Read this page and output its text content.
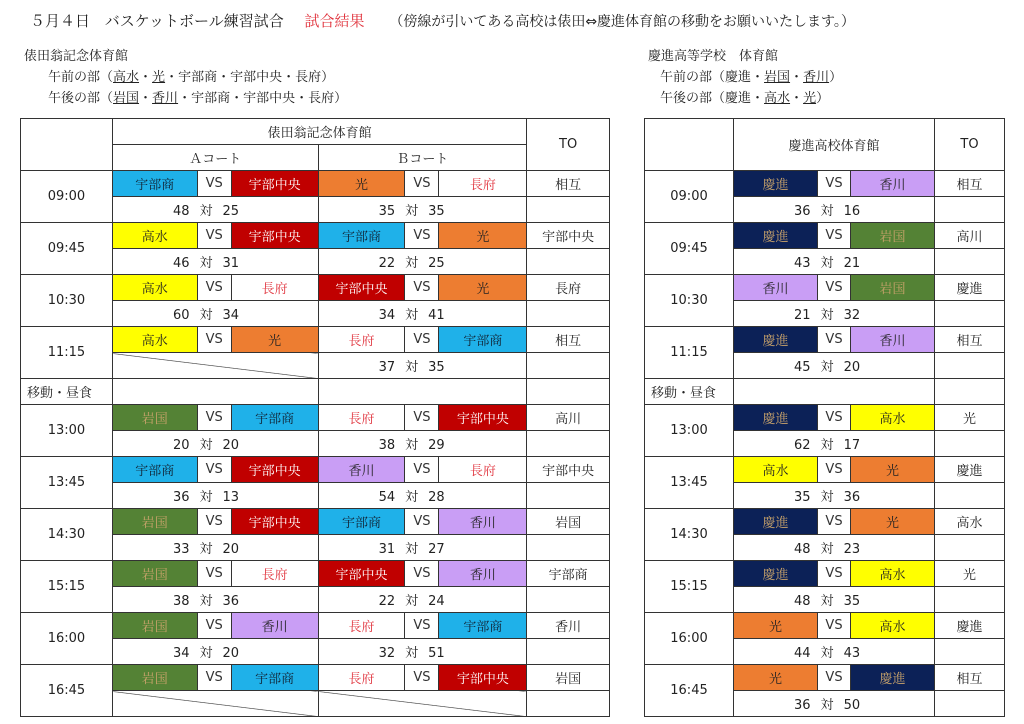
５月４日 バスケットボール練習試合 試合結果 （傍線が引いてある高校は俵田⇔慶進体育館の移動をお願いいたします。）
俵田翁記念体育館
午前の部（高水・光・宇部商・宇部中央・長府）
午後の部（岩国・香川・宇部商・宇部中央・長府）
慶進高等学校　体育館
午前の部（慶進・岩国・香川）
午後の部（慶進・高水・光）
	俵田翁記念体育館						TO
	Ａコート			Ｂコート			
09:00	宇部商	VS	宇部中央	光	VS	長府	相互
	48 対 25			35 対 35			
09:45	高水	VS	宇部中央	宇部商	VS	光	宇部中央
	46 対 31			22 対 25			
10:30	高水	VS	長府	宇部中央	VS	光	長府
	60 対 34			34 対 41			
11:15	高水	VS	光	長府	VS	宇部商	相互
				37 対 35			
移動・昼食							
13:00	岩国	VS	宇部商	長府	VS	宇部中央	高川
	20 対 20			38 対 29			
13:45	宇部商	VS	宇部中央	香川	VS	長府	宇部中央
	36 対 13			54 対 28			
14:30	岩国	VS	宇部中央	宇部商	VS	香川	岩国
	33 対 20			31 対 27			
15:15	岩国	VS	長府	宇部中央	VS	香川	宇部商
	38 対 36			22 対 24			
16:00	岩国	VS	香川	長府	VS	宇部商	香川
	34 対 20			32 対 51			
16:45	岩国	VS	宇部商	長府	VS	宇部中央	岩国

	慶進高校体育館			TO

09:00	慶進	VS	香川	相互
	36 対 16			
09:45	慶進	VS	岩国	高川
	43 対 21			
10:30	香川	VS	岩国	慶進
	21 対 32			
11:15	慶進	VS	香川	相互
	45 対 20			
移動・昼食				
13:00	慶進	VS	高水	光
	62 対 17			
13:45	高水	VS	光	慶進
	35 対 36			
14:30	慶進	VS	光	高水
	48 対 23			
15:15	慶進	VS	高水	光
	48 対 35			
16:00	光	VS	高水	慶進
	44 対 43			
16:45	光	VS	慶進	相互
	36 対 50			
